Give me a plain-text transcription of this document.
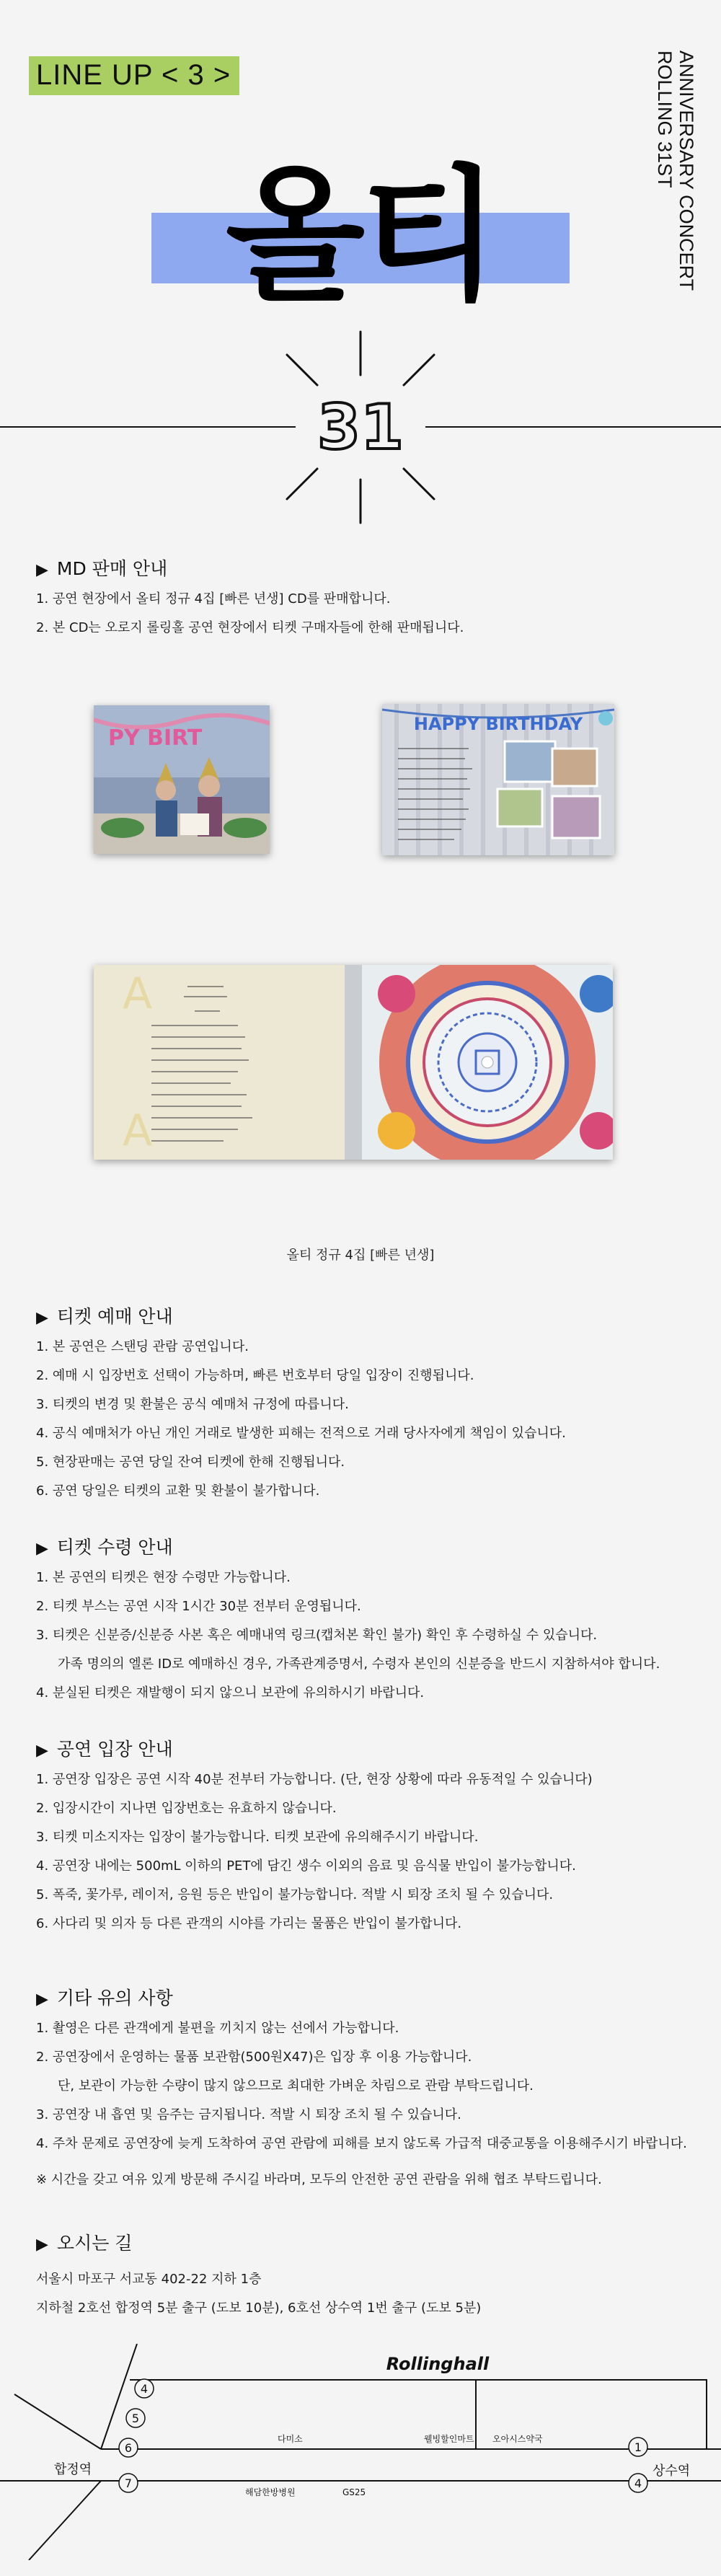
LINE UP < 3 >	ROLLING 31ST ANNIVERSARY CONCERT
올티
31
▶ MD 판매 안내
1. 공연 현장에서 올티 정규 4집 [빠른 년생] CD를 판매합니다.
2. 본 CD는 오로지 롤링홀 공연 현장에서 티켓 구매자들에 한해 판매됩니다.
PY BIRT
HAPPY BIRTHDAY
A
A
올티 정규 4집 [빠른 년생]
▶ 티켓 예매 안내
1. 본 공연은 스탠딩 관람 공연입니다.
2. 예매 시 입장번호 선택이 가능하며, 빠른 번호부터 당일 입장이 진행됩니다.
3. 티켓의 변경 및 환불은 공식 예매처 규정에 따릅니다.
4. 공식 예매처가 아닌 개인 거래로 발생한 피해는 전적으로 거래 당사자에게 책임이 있습니다.
5. 현장판매는 공연 당일 잔여 티켓에 한해 진행됩니다.
6. 공연 당일은 티켓의 교환 및 환불이 불가합니다.
▶ 티켓 수령 안내
1. 본 공연의 티켓은 현장 수령만 가능합니다.
2. 티켓 부스는 공연 시작 1시간 30분 전부터 운영됩니다.
3. 티켓은 신분증/신분증 사본 혹은 예매내역 링크(캡처본 확인 불가) 확인 후 수령하실 수 있습니다.
가족 명의의 엘론 ID로 예매하신 경우, 가족관계증명서, 수령자 본인의 신분증을 반드시 지참하셔야 합니다.
4. 분실된 티켓은 재발행이 되지 않으니 보관에 유의하시기 바랍니다.
▶ 공연 입장 안내
1. 공연장 입장은 공연 시작 40분 전부터 가능합니다. (단, 현장 상황에 따라 유동적일 수 있습니다)
2. 입장시간이 지나면 입장번호는 유효하지 않습니다.
3. 티켓 미소지자는 입장이 불가능합니다. 티켓 보관에 유의해주시기 바랍니다.
4. 공연장 내에는 500mL 이하의 PET에 담긴 생수 이외의 음료 및 음식물 반입이 불가능합니다.
5. 폭죽, 꽃가루, 레이저, 응원 등은 반입이 불가능합니다. 적발 시 퇴장 조치 될 수 있습니다.
6. 사다리 및 의자 등 다른 관객의 시야를 가리는 물품은 반입이 불가합니다.
▶ 기타 유의 사항
1. 촬영은 다른 관객에게 불편을 끼치지 않는 선에서 가능합니다.
2. 공연장에서 운영하는 물품 보관함(500원X47)은 입장 후 이용 가능합니다.
단, 보관이 가능한 수량이 많지 않으므로 최대한 가벼운 차림으로 관람 부탁드립니다.
3. 공연장 내 흡연 및 음주는 금지됩니다. 적발 시 퇴장 조치 될 수 있습니다.
4. 주차 문제로 공연장에 늦게 도착하여 공연 관람에 피해를 보지 않도록 가급적 대중교통을 이용해주시기 바랍니다.
※ 시간을 갖고 여유 있게 방문해 주시길 바라며, 모두의 안전한 공연 관람을 위해 협조 부탁드립니다.
▶ 오시는 길
서울시 마포구 서교동 402-22 지하 1층
지하철 2호선 합정역 5분 출구 (도보 10분), 6호선 상수역 1번 출구 (도보 5분)
Rollinghall
합정역	상수역
다미소
해담한방병원	GS25
웰빙할인마트 오아시스약국
4
5
6
7
1
4
